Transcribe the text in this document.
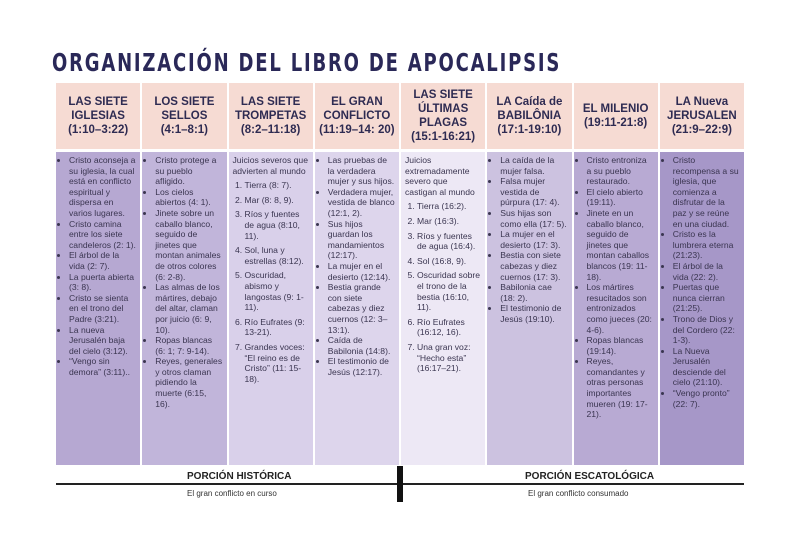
ORGANIZACIÓN DEL LIBRO DE APOCALIPSIS
LAS SIETE
IGLESIAS
(1:10–3:22)
• Cristo aconseja a su iglesia, la cual está en conflicto espiritual y dispersa en varios lugares.
• Cristo camina entre los siete candeleros (2: 1).
• El árbol de la vida (2: 7).
• La puerta abierta (3: 8).
• Cristo se sienta en el trono del Padre (3:21).
• La nueva Jerusalén baja del cielo (3:12).
• “Vengo sin demora” (3:11)..
LOS SIETE
SELLOS
(4:1–8:1)
• Cristo protege a su pueblo afligido.
• Los cielos abiertos (4: 1).
• Jinete sobre un caballo blanco, seguido de jinetes que montan animales de otros colores (6: 2-8).
• Las almas de los mártires, debajo del altar, claman por juicio (6: 9, 10).
• Ropas blancas (6: 1; 7: 9-14).
• Reyes, generales y otros claman pidiendo la muerte (6:15, 16).
LAS SIETE
TROMPETAS
(8:2–11:18)

Juicios severos que advierten al mundo

1. Tierra (8: 7).
2. Mar (8: 8, 9).
3. Ríos y fuentes de agua (8:10, 11).
4. Sol, luna y estrellas (8:12).
5. Oscuridad, abismo y langostas (9: 1-11).
6. Río Eufrates (9: 13-21).
7. Grandes voces: “El reino es de Cristo” (11: 15-18).
EL GRAN
CONFLICTO
(11:19–14: 20)
• Las pruebas de la verdadera mujer y sus hijos.
• Verdadera mujer, vestida de blanco (12:1, 2).
• Sus hijos guardan los mandamientos (12:17).
• La mujer en el desierto (12:14).
• Bestia grande con siete cabezas y diez cuernos (12: 3–13:1).
• Caída de Babilonia (14:8).
• El testimonio de Jesús (12:17).
LAS SIETE
ÚLTIMAS
PLAGAS
(15:1-16:21)

Juicios extremadamente severo que castigan al mundo

1. Tierra (16:2).
2. Mar (16:3).
3. Ríos y fuentes de agua (16:4).
4. Sol (16:8, 9).
5. Oscuridad sobre el trono de la bestia (16:10, 11).
6. Río Eufrates (16:12, 16).
7. Una gran voz: “Hecho esta” (16:17–21).
LA Caída de
BABILÔNIA
(17:1-19:10)
• La caída de la mujer falsa.
• Falsa mujer vestida de púrpura (17: 4).
• Sus hijas son como ella (17: 5).
• La mujer en el desierto (17: 3).
• Bestia con siete cabezas y diez cuernos (17: 3).
• Babilonia cae (18: 2).
• El testimonio de Jesús (19:10).
EL MILENIO
(19:11-21:8)
• Cristo entroniza a su pueblo restaurado.
• El cielo abierto (19:11).
• Jinete en un caballo blanco, seguido de jinetes que montan caballos blancos (19: 11-18).
• Los mártires resucitados son entronizados como jueces (20: 4-6).
• Ropas blancas (19:14).
• Reyes, comandantes y otras personas importantes mueren (19: 17-21).
LA Nueva
JERUSALEN
(21:9–22:9)
• Cristo recompensa a su iglesia, que comienza a disfrutar de la paz y se reúne en una ciudad.
• Cristo es la lumbrera eterna (21:23).
• El árbol de la vida (22: 2).
• Puertas que nunca cierran (21:25).
• Trono de Dios y del Cordero (22: 1-3).
• La Nueva Jerusalén desciende del cielo (21:10).
• “Vengo pronto” (22: 7).
PORCIÓN HISTÓRICA
El gran conflicto en curso
PORCIÓN ESCATOLÓGICA
El gran conflicto consumado
